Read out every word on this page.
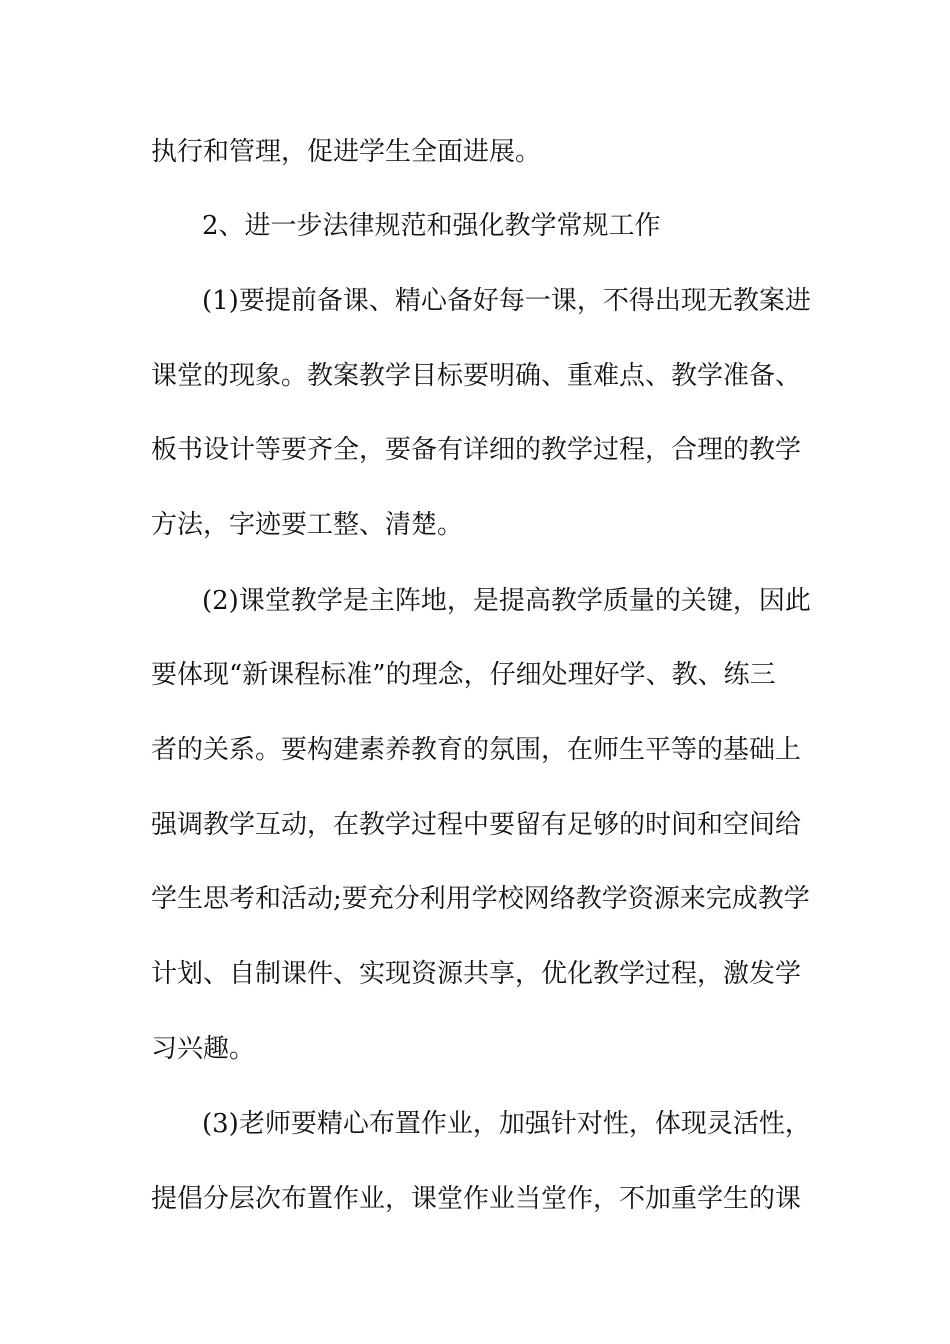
执行和管理，促进学生全面进展。
2、进一步法律规范和强化教学常规工作
(1)要提前备课、精心备好每一课，不得出现无教案进
课堂的现象。教案教学目标要明确、重难点、教学准备、
板书设计等要齐全，要备有详细的教学过程，合理的教学
方法，字迹要工整、清楚。
(2)课堂教学是主阵地，是提高教学质量的关键，因此
要体现“新课程标准”的理念，仔细处理好学、教、练三
者的关系。要构建素养教育的氛围，在师生平等的基础上
强调教学互动，在教学过程中要留有足够的时间和空间给
学生思考和活动;要充分利用学校网络教学资源来完成教学
计划、自制课件、实现资源共享，优化教学过程，激发学
习兴趣。
(3)老师要精心布置作业，加强针对性，体现灵活性，
提倡分层次布置作业，课堂作业当堂作，不加重学生的课
